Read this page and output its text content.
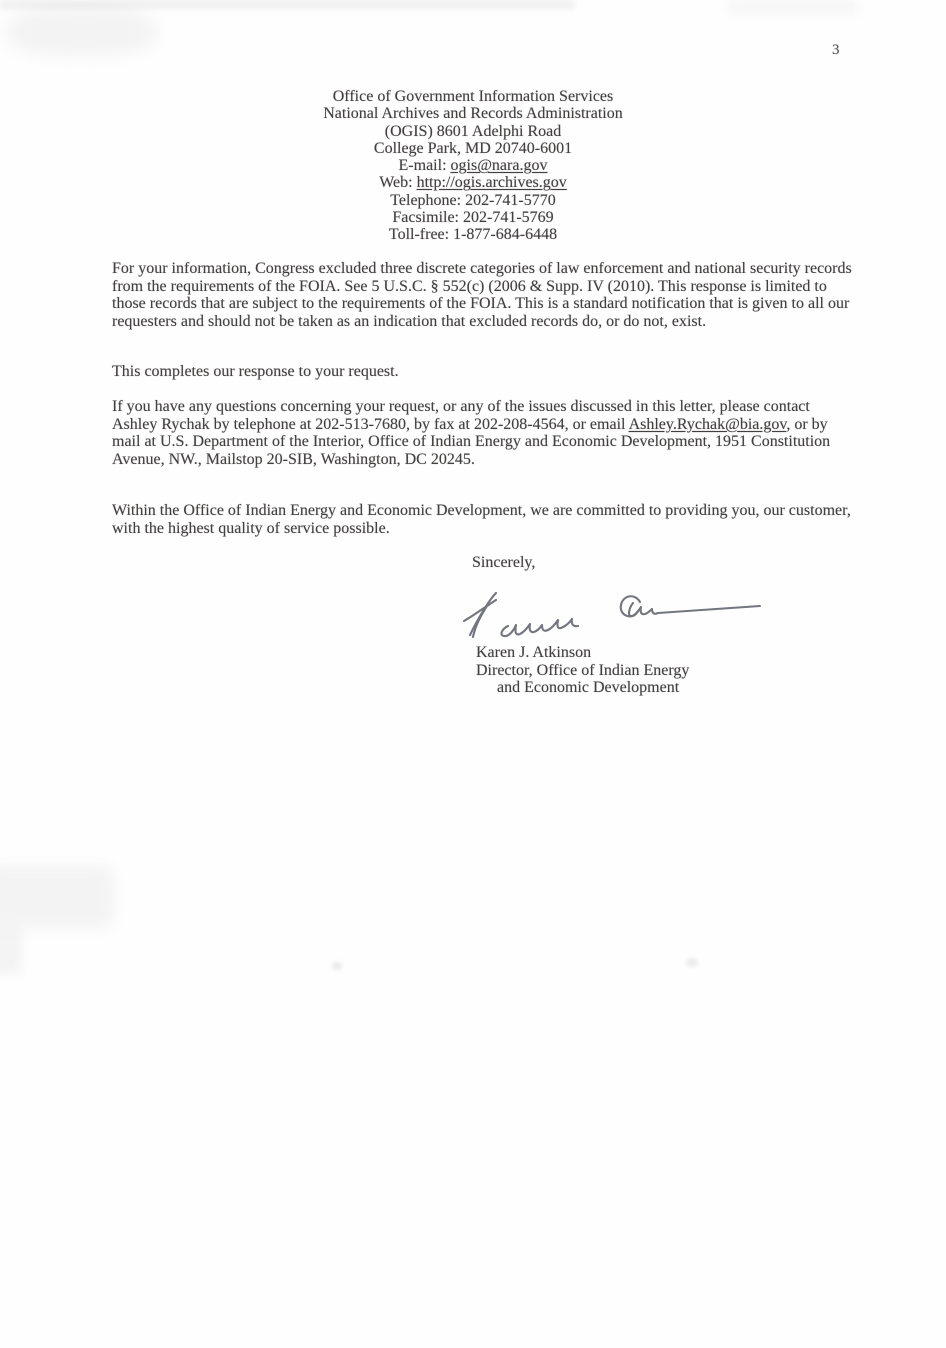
3
Office of Government Information Services
National Archives and Records Administration
(OGIS) 8601 Adelphi Road
College Park, MD 20740-6001
E-mail: ogis@nara.gov
Web: http://ogis.archives.gov
Telephone: 202-741-5770
Facsimile: 202-741-5769
Toll-free: 1-877-684-6448

For your information, Congress excluded three discrete categories of law enforcement and national security records from the requirements of the FOIA. See 5 U.S.C. § 552(c) (2006 & Supp. IV (2010). This response is limited to those records that are subject to the requirements of the FOIA. This is a standard notification that is given to all our requesters and should not be taken as an indication that excluded records do, or do not, exist.

This completes our response to your request.

If you have any questions concerning your request, or any of the issues discussed in this letter, please contact Ashley Rychak by telephone at 202-513-7680, by fax at 202-208-4564, or email Ashley.Rychak@bia.gov, or by mail at U.S. Department of the Interior, Office of Indian Energy and Economic Development, 1951 Constitution Avenue, NW., Mailstop 20-SIB, Washington, DC 20245.

Within the Office of Indian Energy and Economic Development, we are committed to providing you, our customer, with the highest quality of service possible.

Sincerely,
Karen J. Atkinson
Director, Office of Indian Energy
and Economic Development
